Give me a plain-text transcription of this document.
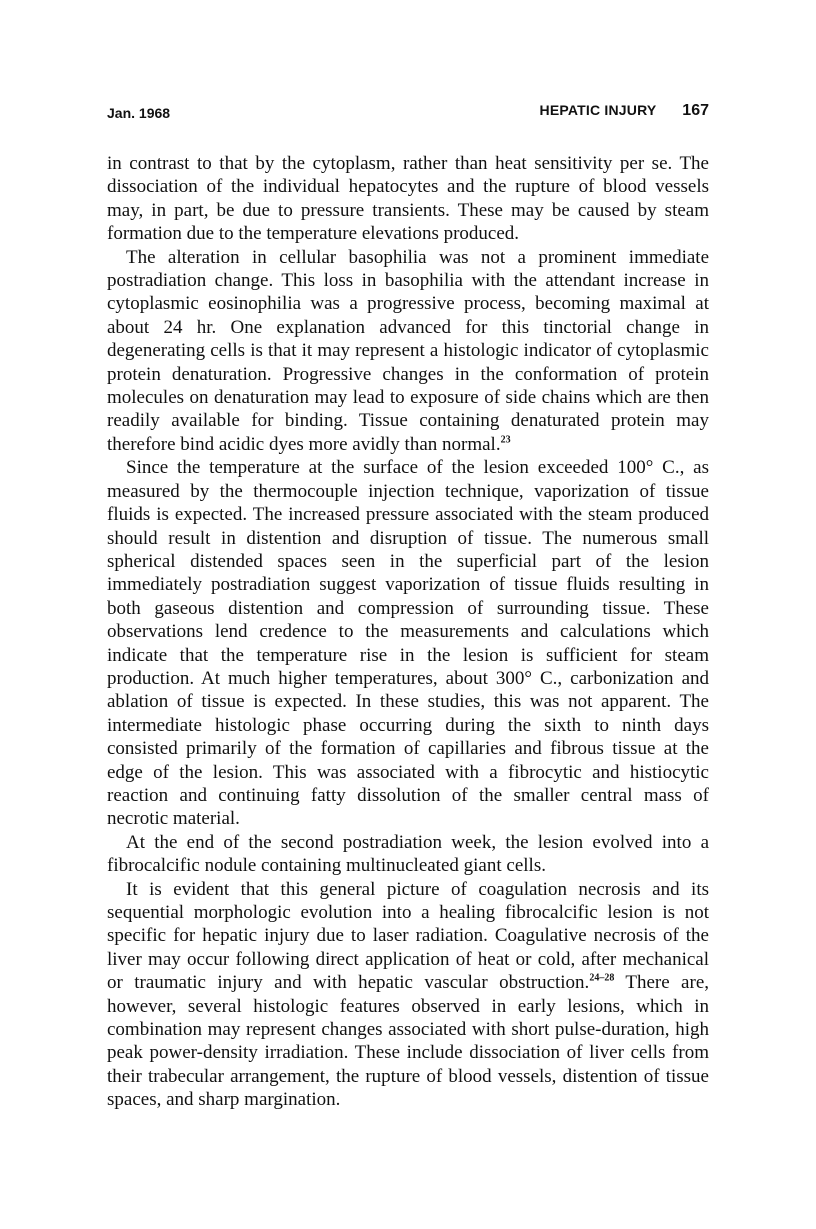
Jan. 1968	HEPATIC INJURY 167

in contrast to that by the cytoplasm, rather than heat sensitivity per se. The dissociation of the individual hepatocytes and the rupture of blood vessels may, in part, be due to pressure transients. These may be caused by steam formation due to the temperature elevations produced.

The alteration in cellular basophilia was not a prominent immediate postradiation change. This loss in basophilia with the attendant increase in cytoplasmic eosinophilia was a progressive process, becoming maximal at about 24 hr. One explanation advanced for this tinctorial change in degenerating cells is that it may represent a histologic indicator of cytoplasmic protein denaturation. Progressive changes in the conformation of protein molecules on denaturation may lead to exposure of side chains which are then readily available for binding. Tissue containing denaturated protein may therefore bind acidic dyes more avidly than normal.$^{23}$

Since the temperature at the surface of the lesion exceeded 100° C., as measured by the thermocouple injection technique, vaporization of tissue fluids is expected. The increased pressure associated with the steam produced should result in distention and disruption of tissue. The numerous small spherical distended spaces seen in the superficial part of the lesion immediately postradiation suggest vaporization of tissue fluids resulting in both gaseous distention and compression of surrounding tissue. These observations lend credence to the measurements and calculations which indicate that the temperature rise in the lesion is sufficient for steam production. At much higher temperatures, about 300° C., carbonization and ablation of tissue is expected. In these studies, this was not apparent. The intermediate histologic phase occurring during the sixth to ninth days consisted primarily of the formation of capillaries and fibrous tissue at the edge of the lesion. This was associated with a fibrocytic and histiocytic reaction and continuing fatty dissolution of the smaller central mass of necrotic material.

At the end of the second postradiation week, the lesion evolved into a fibrocalcific nodule containing multinucleated giant cells.

It is evident that this general picture of coagulation necrosis and its sequential morphologic evolution into a healing fibrocalcific lesion is not specific for hepatic injury due to laser radiation. Coagulative necrosis of the liver may occur following direct application of heat or cold, after mechanical or traumatic injury and with hepatic vascular obstruction.$^{24-28}$ There are, however, several histologic features observed in early lesions, which in combination may represent changes associated with short pulse-duration, high peak power-density irradiation. These include dissociation of liver cells from their trabecular arrangement, the rupture of blood vessels, distention of tissue spaces, and sharp margination.
